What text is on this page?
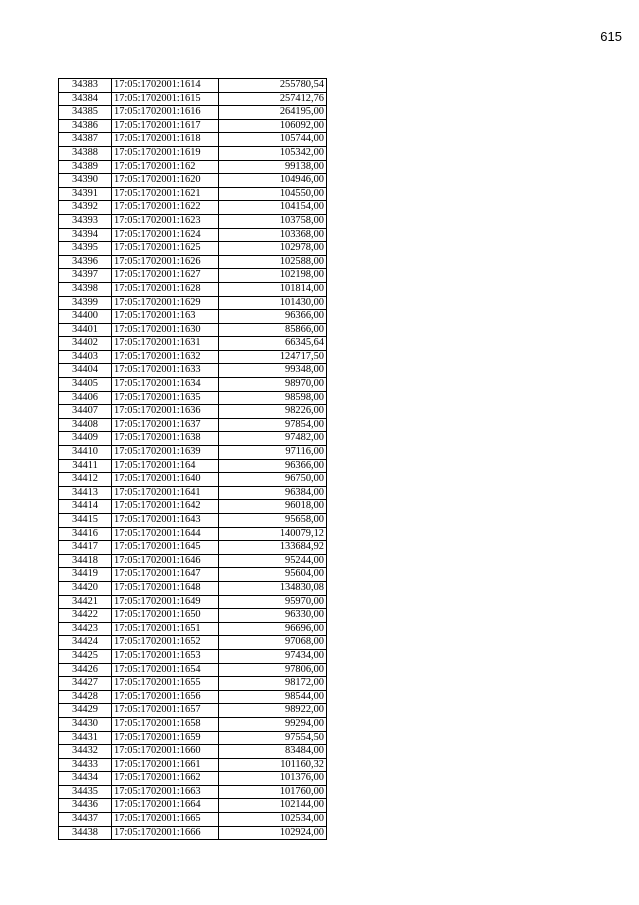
615
34383	17:05:1702001:1614	255780,54
34384	17:05:1702001:1615	257412,76
34385	17:05:1702001:1616	264195,00
34386	17:05:1702001:1617	106092,00
34387	17:05:1702001:1618	105744,00
34388	17:05:1702001:1619	105342,00
34389	17:05:1702001:162	99138,00
34390	17:05:1702001:1620	104946,00
34391	17:05:1702001:1621	104550,00
34392	17:05:1702001:1622	104154,00
34393	17:05:1702001:1623	103758,00
34394	17:05:1702001:1624	103368,00
34395	17:05:1702001:1625	102978,00
34396	17:05:1702001:1626	102588,00
34397	17:05:1702001:1627	102198,00
34398	17:05:1702001:1628	101814,00
34399	17:05:1702001:1629	101430,00
34400	17:05:1702001:163	96366,00
34401	17:05:1702001:1630	85866,00
34402	17:05:1702001:1631	66345,64
34403	17:05:1702001:1632	124717,50
34404	17:05:1702001:1633	99348,00
34405	17:05:1702001:1634	98970,00
34406	17:05:1702001:1635	98598,00
34407	17:05:1702001:1636	98226,00
34408	17:05:1702001:1637	97854,00
34409	17:05:1702001:1638	97482,00
34410	17:05:1702001:1639	97116,00
34411	17:05:1702001:164	96366,00
34412	17:05:1702001:1640	96750,00
34413	17:05:1702001:1641	96384,00
34414	17:05:1702001:1642	96018,00
34415	17:05:1702001:1643	95658,00
34416	17:05:1702001:1644	140079,12
34417	17:05:1702001:1645	133684,92
34418	17:05:1702001:1646	95244,00
34419	17:05:1702001:1647	95604,00
34420	17:05:1702001:1648	134830,08
34421	17:05:1702001:1649	95970,00
34422	17:05:1702001:1650	96330,00
34423	17:05:1702001:1651	96696,00
34424	17:05:1702001:1652	97068,00
34425	17:05:1702001:1653	97434,00
34426	17:05:1702001:1654	97806,00
34427	17:05:1702001:1655	98172,00
34428	17:05:1702001:1656	98544,00
34429	17:05:1702001:1657	98922,00
34430	17:05:1702001:1658	99294,00
34431	17:05:1702001:1659	97554,50
34432	17:05:1702001:1660	83484,00
34433	17:05:1702001:1661	101160,32
34434	17:05:1702001:1662	101376,00
34435	17:05:1702001:1663	101760,00
34436	17:05:1702001:1664	102144,00
34437	17:05:1702001:1665	102534,00
34438	17:05:1702001:1666	102924,00
